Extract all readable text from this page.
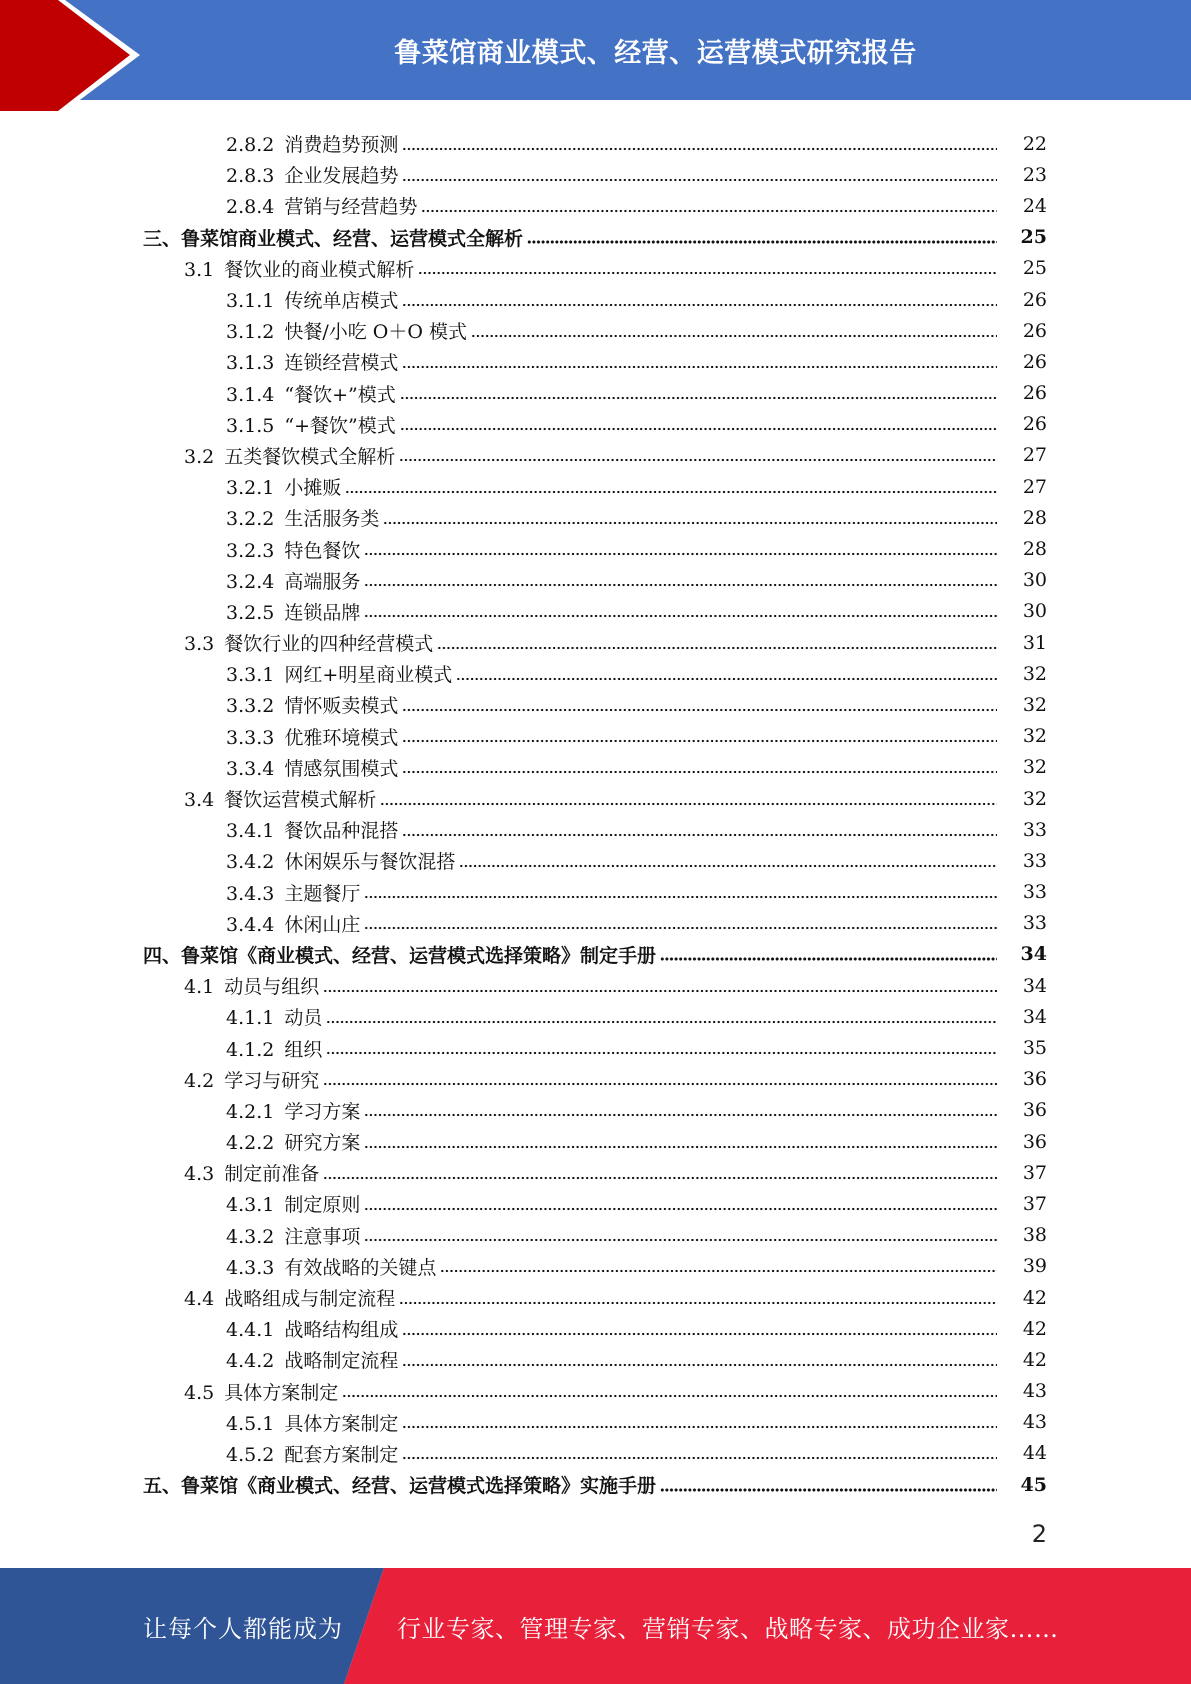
鲁菜馆商业模式、经营、运营模式研究报告
2.8.2 消费趋势预测	22
2.8.3 企业发展趋势	23
2.8.4 营销与经营趋势	24
三、鲁菜馆商业模式、经营、运营模式全解析	25
3.1 餐饮业的商业模式解析	25
3.1.1 传统单店模式	26
3.1.2 快餐/小吃 O＋O 模式	26
3.1.3 连锁经营模式	26
3.1.4 “餐饮+”模式	26
3.1.5 “+餐饮”模式	26
3.2 五类餐饮模式全解析	27
3.2.1 小摊贩	27
3.2.2 生活服务类	28
3.2.3 特色餐饮	28
3.2.4 高端服务	30
3.2.5 连锁品牌	30
3.3 餐饮行业的四种经营模式	31
3.3.1 网红+明星商业模式	32
3.3.2 情怀贩卖模式	32
3.3.3 优雅环境模式	32
3.3.4 情感氛围模式	32
3.4 餐饮运营模式解析	32
3.4.1 餐饮品种混搭	33
3.4.2 休闲娱乐与餐饮混搭	33
3.4.3 主题餐厅	33
3.4.4 休闲山庄	33
四、鲁菜馆《商业模式、经营、运营模式选择策略》制定手册	34
4.1 动员与组织	34
4.1.1 动员	34
4.1.2 组织	35
4.2 学习与研究	36
4.2.1 学习方案	36
4.2.2 研究方案	36
4.3 制定前准备	37
4.3.1 制定原则	37
4.3.2 注意事项	38
4.3.3 有效战略的关键点	39
4.4 战略组成与制定流程	42
4.4.1 战略结构组成	42
4.4.2 战略制定流程	42
4.5 具体方案制定	43
4.5.1 具体方案制定	43
4.5.2 配套方案制定	44
五、鲁菜馆《商业模式、经营、运营模式选择策略》实施手册	45
2
让每个人都能成为 行业专家、管理专家、营销专家、战略专家、成功企业家……
